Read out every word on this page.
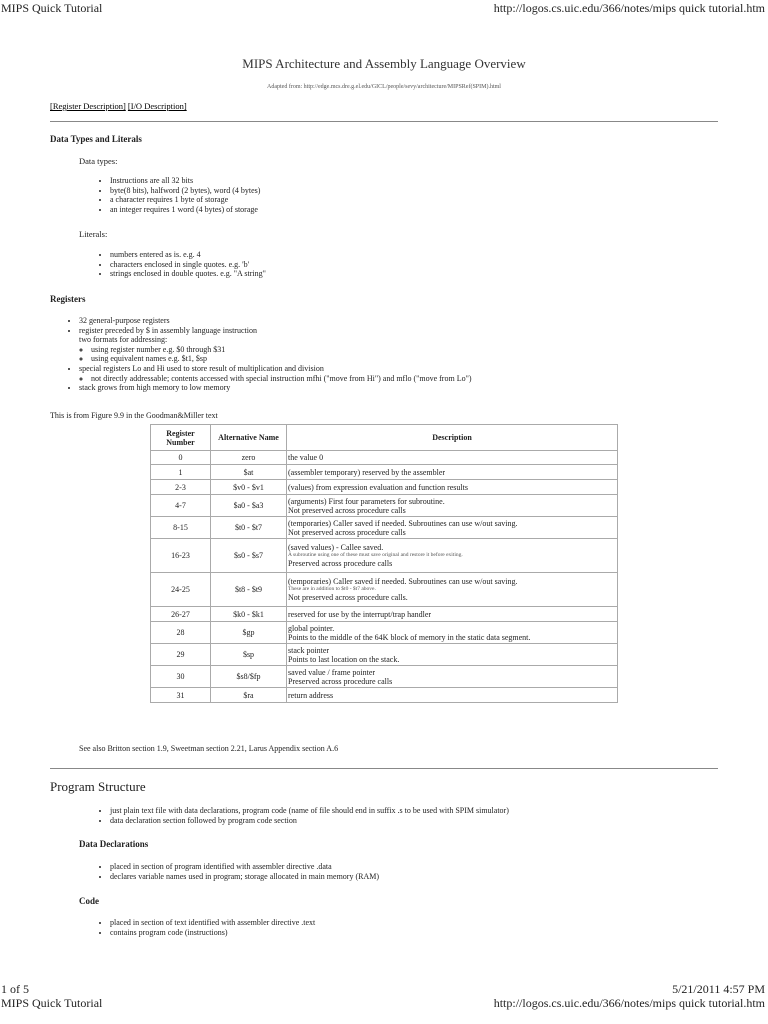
MIPS Quick Tutorial	http://logos.cs.uic.edu/366/notes/mips quick tutorial.htm
MIPS Architecture and Assembly Language Overview
Adapted from: http://edge.mcs.dre.g.el.edu/GICL/people/sevy/architecture/MIPSRef(SPIM).html
[Register Description] [I/O Description]
Data Types and Literals
Data types:
• Instructions are all 32 bits
• byte(8 bits), halfword (2 bytes), word (4 bytes)
• a character requires 1 byte of storage
• an integer requires 1 word (4 bytes) of storage
Literals:
• numbers entered as is. e.g. 4
• characters enclosed in single quotes. e.g. 'b'
• strings enclosed in double quotes. e.g. "A string"
Registers
• 32 general-purpose registers
• register preceded by $ in assembly language instruction
two formats for addressing:
◦ using register number e.g. $0 through $31
◦ using equivalent names e.g. $t1, $sp
• special registers Lo and Hi used to store result of multiplication and division
◦ not directly addressable; contents accessed with special instruction mfhi ("move from Hi") and mflo ("move from Lo")
• stack grows from high memory to low memory
This is from Figure 9.9 in the Goodman&Miller text
Register Number	Alternative Name	Description
0	zero	the value 0
1	$at	(assembler temporary) reserved by the assembler
2-3	$v0 - $v1	(values) from expression evaluation and function results
4-7	$a0 - $a3	(arguments) First four parameters for subroutine.
Not preserved across procedure calls
8-15	$t0 - $t7	(temporaries) Caller saved if needed. Subroutines can use w/out saving.
Not preserved across procedure calls
16-23	$s0 - $s7	(saved values) - Callee saved.
A subroutine using one of these must save original and restore it before exiting.
Preserved across procedure calls
24-25	$t8 - $t9	(temporaries) Caller saved if needed. Subroutines can use w/out saving.
These are in addition to $t0 - $t7 above.
Not preserved across procedure calls.
26-27	$k0 - $k1	reserved for use by the interrupt/trap handler
28	$gp	global pointer.
Points to the middle of the 64K block of memory in the static data segment.
29	$sp	stack pointer
Points to last location on the stack.
30	$s8/$fp	saved value / frame pointer
Preserved across procedure calls
31	$ra	return address
See also Britton section 1.9, Sweetman section 2.21, Larus Appendix section A.6
Program Structure
• just plain text file with data declarations, program code (name of file should end in suffix .s to be used with SPIM simulator)
• data declaration section followed by program code section
Data Declarations
• placed in section of program identified with assembler directive .data
• declares variable names used in program; storage allocated in main memory (RAM)
Code
• placed in section of text identified with assembler directive .text
• contains program code (instructions)
1 of 5	5/21/2011 4:57 PM
MIPS Quick Tutorial	http://logos.cs.uic.edu/366/notes/mips quick tutorial.htm
